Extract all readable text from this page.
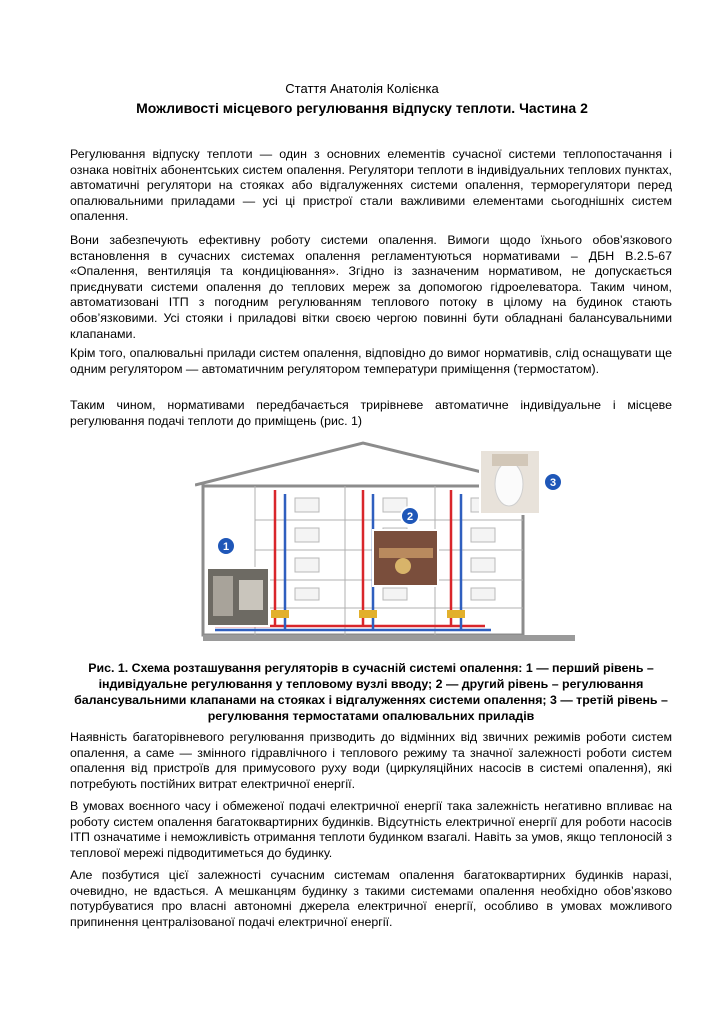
Стаття Анатолія Колієнка
Можливості місцевого регулювання відпуску теплоти. Частина 2

Регулювання відпуску теплоти — один з основних елементів сучасної системи теплопостачання і ознака новітніх абонентських систем опалення. Регулятори теплоти в індивідуальних теплових пунктах, автоматичні регулятори на стояках або відгалуженнях системи опалення, терморегулятори перед опалювальними приладами — усі ці пристрої стали важливими елементами сьогоднішніх систем опалення.

Вони забезпечують ефективну роботу системи опалення. Вимоги щодо їхнього обов’язкового встановлення в сучасних системах опалення регламентуються нормативами – ДБН В.2.5-67 «Опалення, вентиляція та кондиціювання». Згідно із зазначеним нормативом, не допускається приєднувати системи опалення до теплових мереж за допомогою гідроелеватора. Таким чином, автоматизовані ІТП з погодним регулюванням теплового потоку в цілому на будинок стають обов’язковими. Усі стояки і приладові вітки своєю чергою повинні бути обладнані балансувальними клапанами.

Крім того, опалювальні прилади систем опалення, відповідно до вимог нормативів, слід оснащувати ще одним регулятором — автоматичним регулятором температури приміщення (термостатом).

Таким чином, нормативами передбачається трирівневе автоматичне індивідуальне і місцеве регулювання подачі теплоти до приміщень (рис. 1)

1
2
3

Рис. 1. Схема розташування регуляторів в сучасній системі опалення: 1 — перший рівень – індивідуальне регулювання у тепловому вузлі вводу; 2 — другий рівень – регулювання балансувальними клапанами на стояках і відгалуженнях системи опалення; 3 — третій рівень – регулювання термостатами опалювальних приладів

Наявність багаторівневого регулювання призводить до відмінних від звичних режимів роботи систем опалення, а саме — змінного гідравлічного і теплового режиму та значної залежності роботи систем опалення від пристроїв для примусового руху води (циркуляційних насосів в системі опалення), які потребують постійних витрат електричної енергії.

В умовах воєнного часу і обмеженої подачі електричної енергії така залежність негативно впливає на роботу систем опалення багатоквартирних будинків. Відсутність електричної енергії для роботи насосів ІТП означатиме і неможливість отримання теплоти будинком взагалі. Навіть за умов, якщо теплоносій з теплової мережі підводитиметься до будинку.

Але позбутися цієї залежності сучасним системам опалення багатоквартирних будинків наразі, очевидно, не вдасться. А мешканцям будинку з такими системами опалення необхідно обов’язково потурбуватися про власні автономні джерела електричної енергії, особливо в умовах можливого припинення централізованої подачі електричної енергії.
